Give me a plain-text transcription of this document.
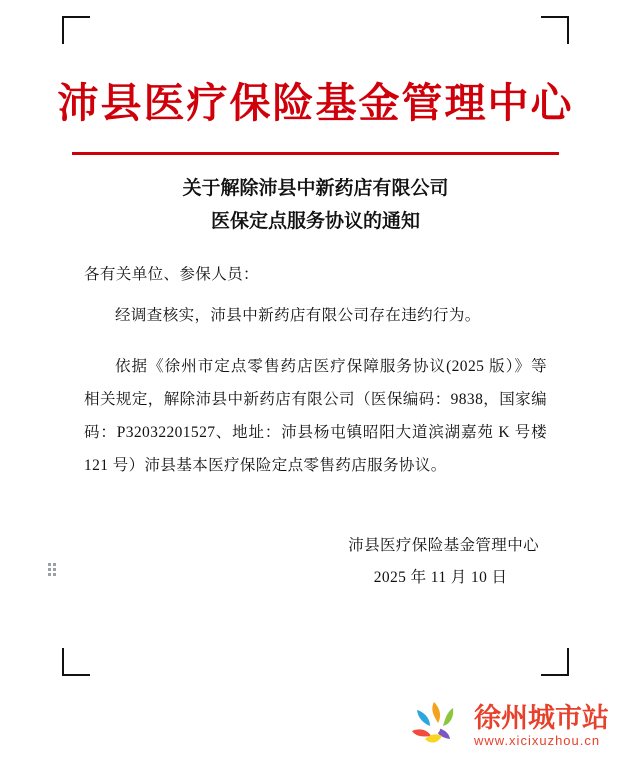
沛县医疗保险基金管理中心
关于解除沛县中新药店有限公司
医保定点服务协议的通知

各有关单位、参保人员：

经调查核实，沛县中新药店有限公司存在违约行为。

依据《徐州市定点零售药店医疗保障服务协议(2025 版）》等相关规定，解除沛县中新药店有限公司（医保编码：9838，国家编码：P32032201527、地址：沛县杨屯镇昭阳大道滨湖嘉苑 K 号楼 121 号）沛县基本医疗保险定点零售药店服务协议。

沛县医疗保险基金管理中心
2025 年 11 月 10 日
徐州城市站
www.xicixuzhou.cn
